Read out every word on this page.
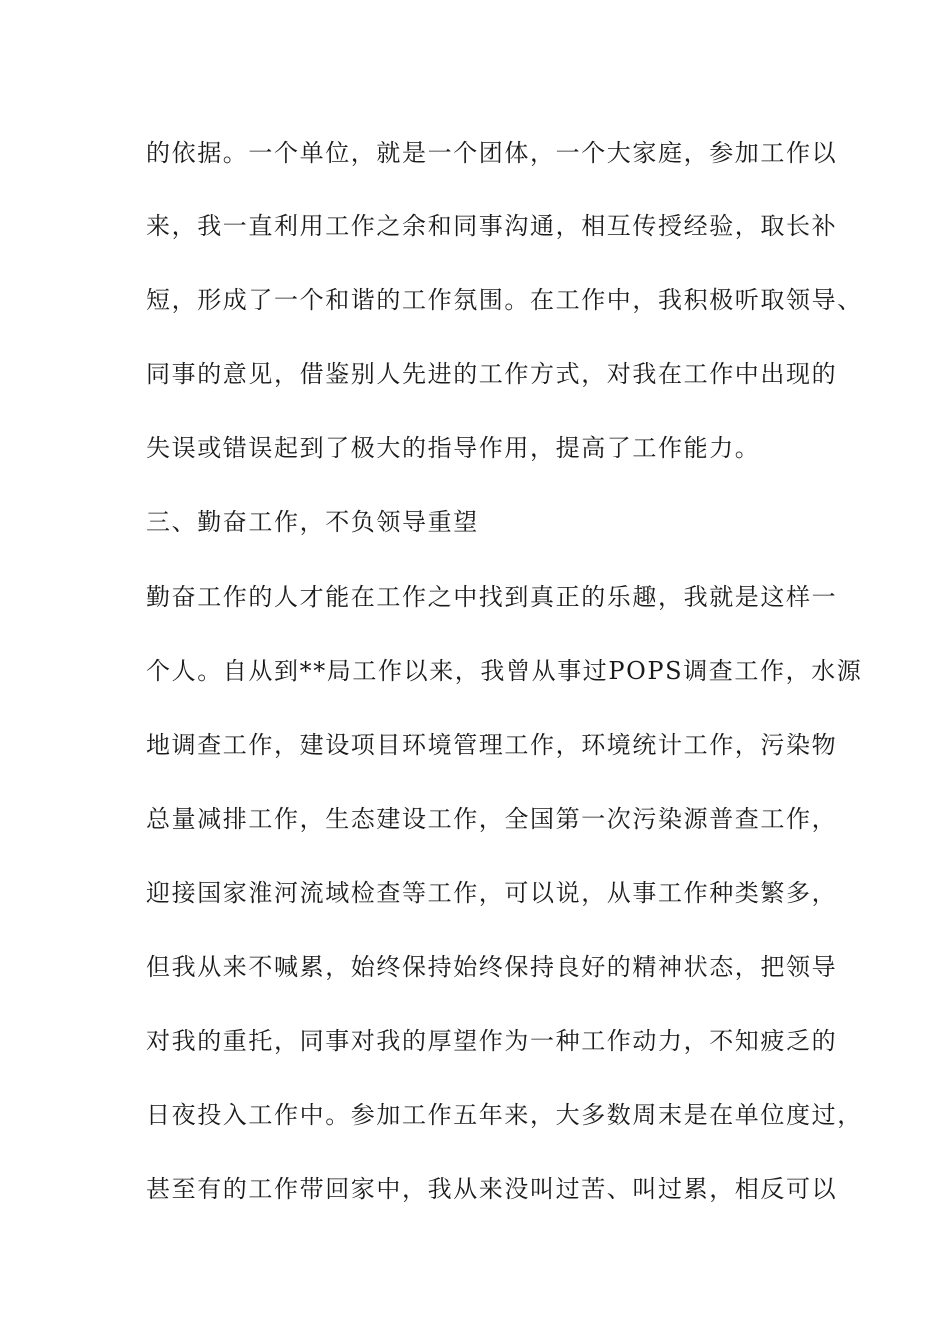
的依据。一个单位，就是一个团体，一个大家庭，参加工作以
来，我一直利用工作之余和同事沟通，相互传授经验，取长补
短，形成了一个和谐的工作氛围。在工作中，我积极听取领导、
同事的意见，借鉴别人先进的工作方式，对我在工作中出现的
失误或错误起到了极大的指导作用，提高了工作能力。
三、勤奋工作，不负领导重望
勤奋工作的人才能在工作之中找到真正的乐趣，我就是这样一
个人。自从到**局工作以来，我曾从事过POPS调查工作，水源
地调查工作，建设项目环境管理工作，环境统计工作，污染物
总量减排工作，生态建设工作，全国第一次污染源普查工作，
迎接国家淮河流域检查等工作，可以说，从事工作种类繁多，
但我从来不喊累，始终保持始终保持良好的精神状态，把领导
对我的重托，同事对我的厚望作为一种工作动力，不知疲乏的
日夜投入工作中。参加工作五年来，大多数周末是在单位度过，
甚至有的工作带回家中，我从来没叫过苦、叫过累，相反可以
